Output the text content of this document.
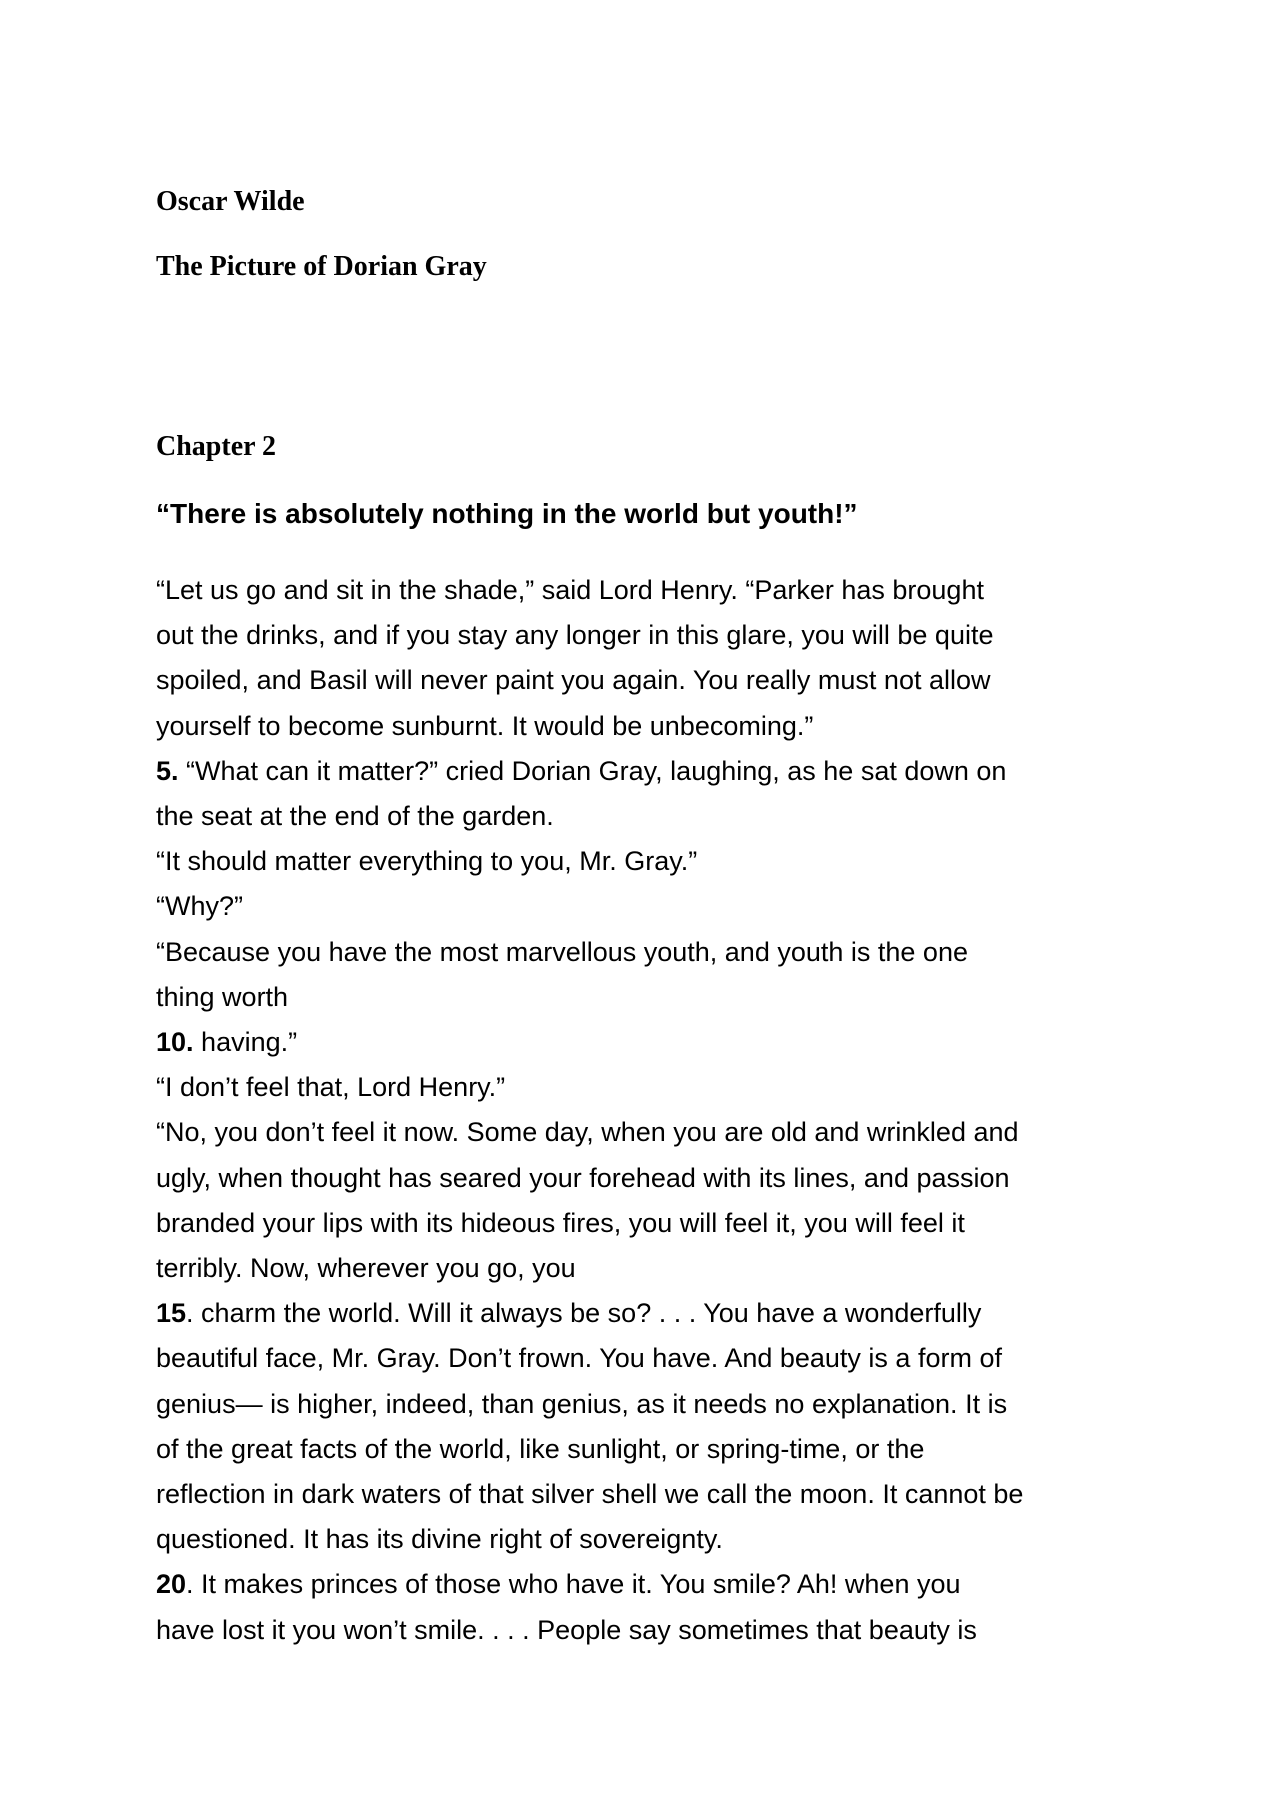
Oscar Wilde
The Picture of Dorian Gray
Chapter 2
“There is absolutely nothing in the world but youth!”
“Let us go and sit in the shade,” said Lord Henry. “Parker has brought
out the drinks, and if you stay any longer in this glare, you will be quite
spoiled, and Basil will never paint you again. You really must not allow
yourself to become sunburnt. It would be unbecoming.”
5. “What can it matter?” cried Dorian Gray, laughing, as he sat down on
the seat at the end of the garden.
“It should matter everything to you, Mr. Gray.”
“Why?”
“Because you have the most marvellous youth, and youth is the one
thing worth
10. having.”
“I don’t feel that, Lord Henry.”
“No, you don’t feel it now. Some day, when you are old and wrinkled and
ugly, when thought has seared your forehead with its lines, and passion
branded your lips with its hideous fires, you will feel it, you will feel it
terribly. Now, wherever you go, you
15. charm the world. Will it always be so? . . . You have a wonderfully
beautiful face, Mr. Gray. Don’t frown. You have. And beauty is a form of
genius— is higher, indeed, than genius, as it needs no explanation. It is
of the great facts of the world, like sunlight, or spring-time, or the
reflection in dark waters of that silver shell we call the moon. It cannot be
questioned. It has its divine right of sovereignty.
20. It makes princes of those who have it. You smile? Ah! when you
have lost it you won’t smile. . . . People say sometimes that beauty is
